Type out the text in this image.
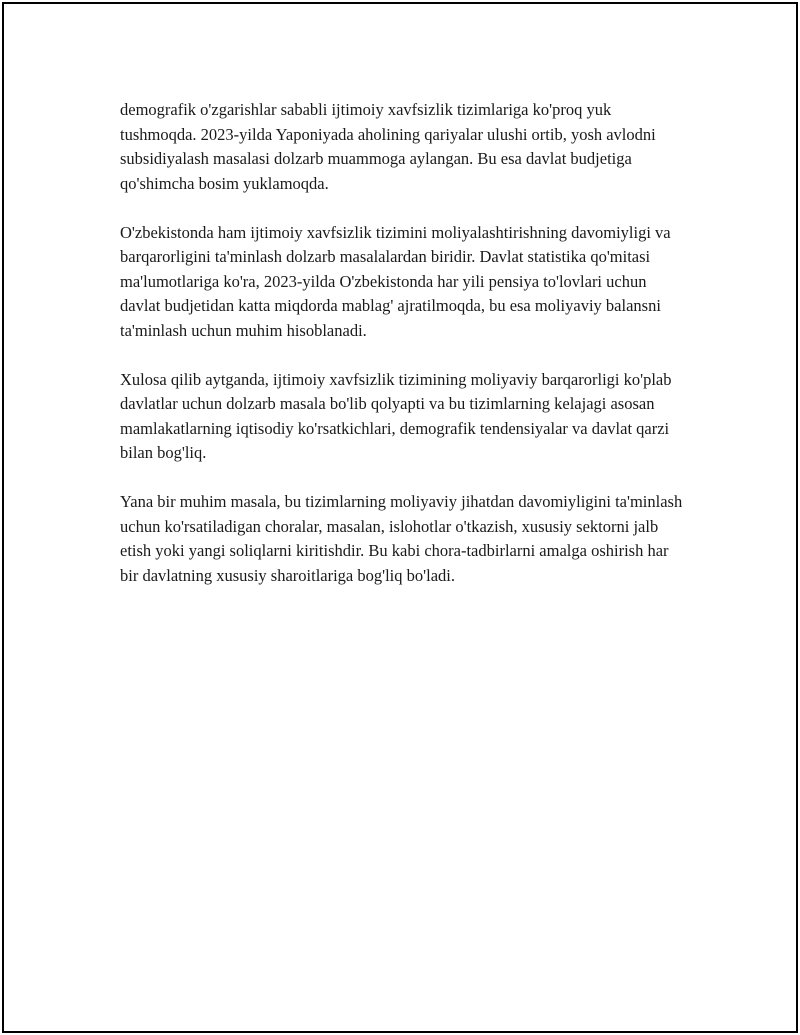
demografik o'zgarishlar sababli ijtimoiy xavfsizlik tizimlariga ko'proq yuk tushmoqda. 2023-yilda Yaponiyada aholining qariyalar ulushi ortib, yosh avlodni subsidiyalash masalasi dolzarb muammoga aylangan. Bu esa davlat budjetiga qo'shimcha bosim yuklamoqda.

O'zbekistonda ham ijtimoiy xavfsizlik tizimini moliyalashtirishning davomiyligi va barqarorligini ta'minlash dolzarb masalalardan biridir. Davlat statistika qo'mitasi ma'lumotlariga ko'ra, 2023-yilda O'zbekistonda har yili pensiya to'lovlari uchun davlat budjetidan katta miqdorda mablag' ajratilmoqda, bu esa moliyaviy balansni ta'minlash uchun muhim hisoblanadi.

Xulosa qilib aytganda, ijtimoiy xavfsizlik tizimining moliyaviy barqarorligi ko'plab davlatlar uchun dolzarb masala bo'lib qolyapti va bu tizimlarning kelajagi asosan mamlakatlarning iqtisodiy ko'rsatkichlari, demografik tendensiyalar va davlat qarzi bilan bog'liq.

Yana bir muhim masala, bu tizimlarning moliyaviy jihatdan davomiyligini ta'minlash uchun ko'rsatiladigan choralar, masalan, islohotlar o'tkazish, xususiy sektorni jalb etish yoki yangi soliqlarni kiritishdir. Bu kabi chora-tadbirlarni amalga oshirish har bir davlatning xususiy sharoitlariga bog'liq bo'ladi.
